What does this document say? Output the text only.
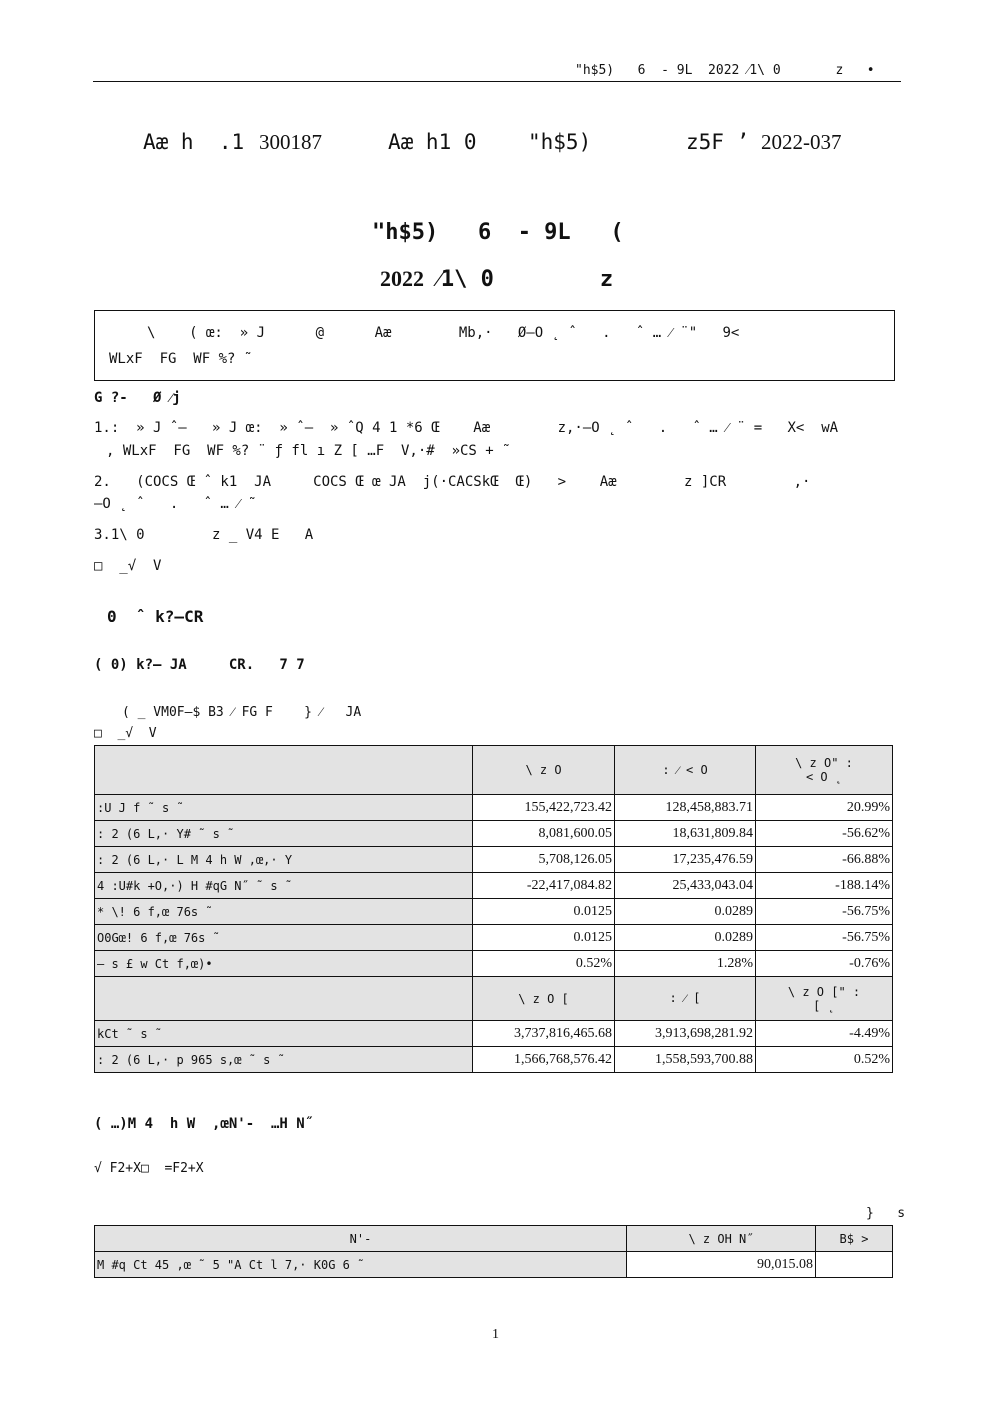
"h$5)   6  - 9L  2022 ⁄1\ 0       z   •

Aæ h  .1

300187

	Aæ h1 0

"h$5)

	z5F ’

2022-037

"h$5)   6  - 9L   (
2022 ⁄1\ 0        z
\    ( œ:  » J      @      Aæ        Mb,·   Ø–O ˛ ˆ   .   ˆ … ⁄ ¨"   9<
WLxF  FG  WF %? ˜
G ?-   Ø ⁄j
1.:  » J ˆ–   » J œ:  » ˆ–  » ˆQ 4 1 *6 Œ    Aæ        z,·–O ˛ ˆ   .   ˆ … ⁄ ¨ =   X<  wA
, WLxF  FG  WF %? ¨ ƒ fl ı Z [ …F  V,·#  »CS + ˜
2.   (COCS Œ ˆ k1  JA     COCS Œ œ JA  j(·CACSkŒ  Œ)   >    Aæ        z ]CR        ,·
–O ˛ ˆ   .   ˆ … ⁄ ˜
3.1\ 0        z _ V4 E   A
□  _√  V
0  ˆ k?–CR
( 0) k?– JA     CR.   7 7
( _ VM0F–$ B3 ⁄ FG F    } ⁄   JA
□  _√  V
	\ z O	: ⁄ < O	\ z O" :
< O ˛
:U J f ˜ s ˜	155,422,723.42	128,458,883.71	20.99%
: 2 (6 L,· Y# ˜ s ˜	8,081,600.05	18,631,809.84	-56.62%
: 2 (6 L,· L M 4 h W ,œ,· Y	5,708,126.05	17,235,476.59	-66.88%
4 :U#k +O,·) H #qG N˝ ˜ s ˜	-22,417,084.82	25,433,043.04	-188.14%
* \! 6 f,œ 76s ˜	0.0125	0.0289	-56.75%
O0Gœ! 6 f,œ 76s ˜	0.0125	0.0289	-56.75%
– s £ w Ct f,œ)•	0.52%	1.28%	-0.76%
	\ z O [	: ⁄ [	\ z O [" :
[ ˛
kCt ˜ s ˜	3,737,816,465.68	3,913,698,281.92	-4.49%
: 2 (6 L,· p 965 s,œ ˜ s ˜	1,566,768,576.42	1,558,593,700.88	0.52%
( …)M 4  h W  ,œN'-  …H N˝
√ F2+X□  =F2+X
}   s
N'-	\ z OH N˝	B$ >
M #q Ct 45 ,œ ˜ 5 "A Ct l 7,· K0G 6 ˜	90,015.08	
1
